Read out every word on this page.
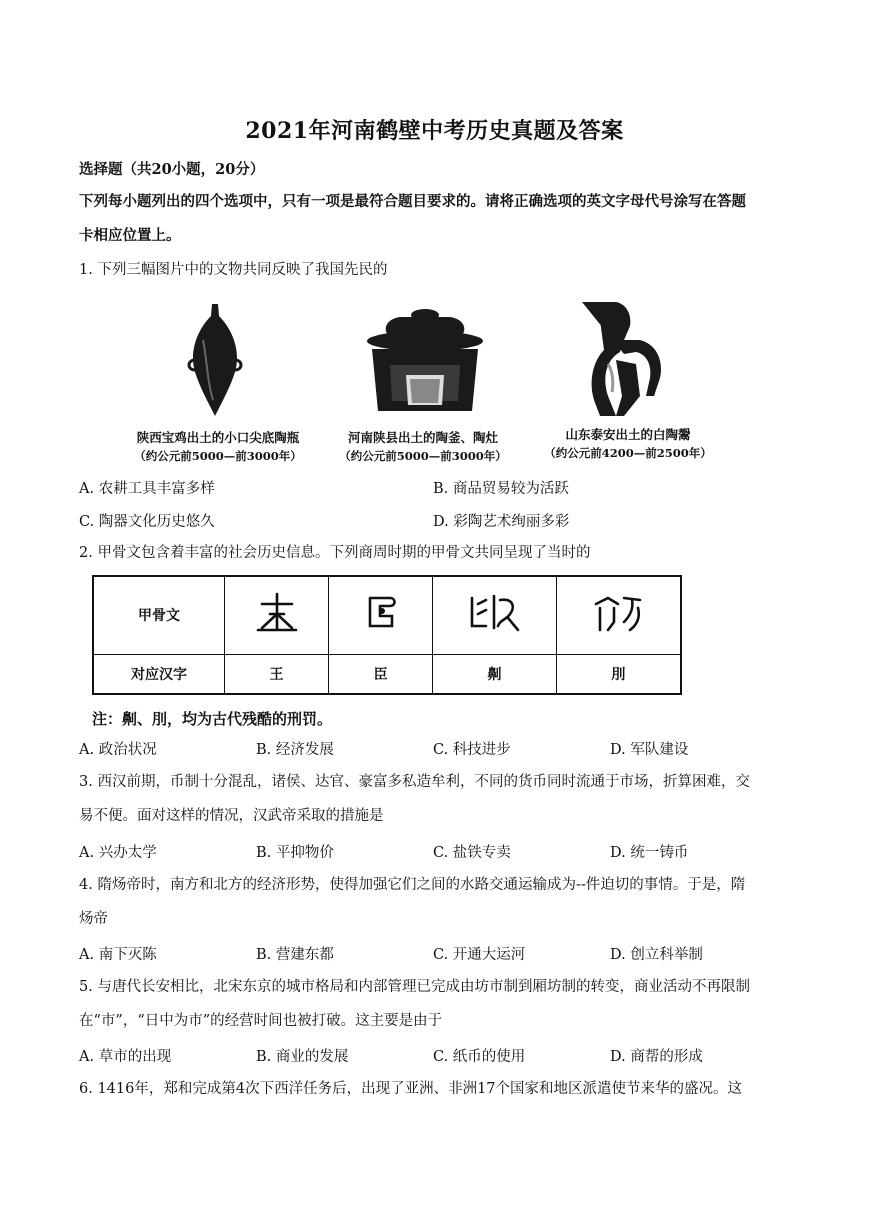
2021年河南鹤壁中考历史真题及答案
选择题（共20小题，20分）
下列每小题列出的四个选项中，只有一项是最符合题目要求的。请将正确选项的英文字母代号涂写在答题
卡相应位置上。
1. 下列三幅图片中的文物共同反映了我国先民的
陕西宝鸡出土的小口尖底陶瓶
（约公元前5000—前3000年）
河南陕县出土的陶釜、陶灶
（约公元前5000—前3000年）
山东泰安出土的白陶鬶
（约公元前4200—前2500年）
A. 农耕工具丰富多样	B. 商品贸易较为活跃
C. 陶器文化历史悠久	D. 彩陶艺术绚丽多彩
2. 甲骨文包含着丰富的社会历史信息。下列商周时期的甲骨文共同呈现了当时的
甲骨文				
对应汉字	王	臣	劓	刖
注：劓、刖，均为古代残酷的刑罚。
A. 政治状况	B. 经济发展	C. 科技进步	D. 军队建设
3. 西汉前期，币制十分混乱，诸侯、达官、豪富多私造牟利，不同的货币同时流通于市场，折算困难，交
易不便。面对这样的情况，汉武帝采取的措施是
A. 兴办太学	B. 平抑物价	C. 盐铁专卖	D. 统一铸币
4. 隋炀帝时，南方和北方的经济形势，使得加强它们之间的水路交通运输成为--件迫切的事情。于是，隋
炀帝
A. 南下灭陈	B. 营建东都	C. 开通大运河	D. 创立科举制
5. 与唐代长安相比，北宋东京的城市格局和内部管理已完成由坊市制到厢坊制的转变，商业活动不再限制
在“市”，“日中为市”的经营时间也被打破。这主要是由于
A. 草市的出现	B. 商业的发展	C. 纸币的使用	D. 商帮的形成
6. 1416年，郑和完成第4次下西洋任务后，出现了亚洲、非洲17个国家和地区派遣使节来华的盛况。这
